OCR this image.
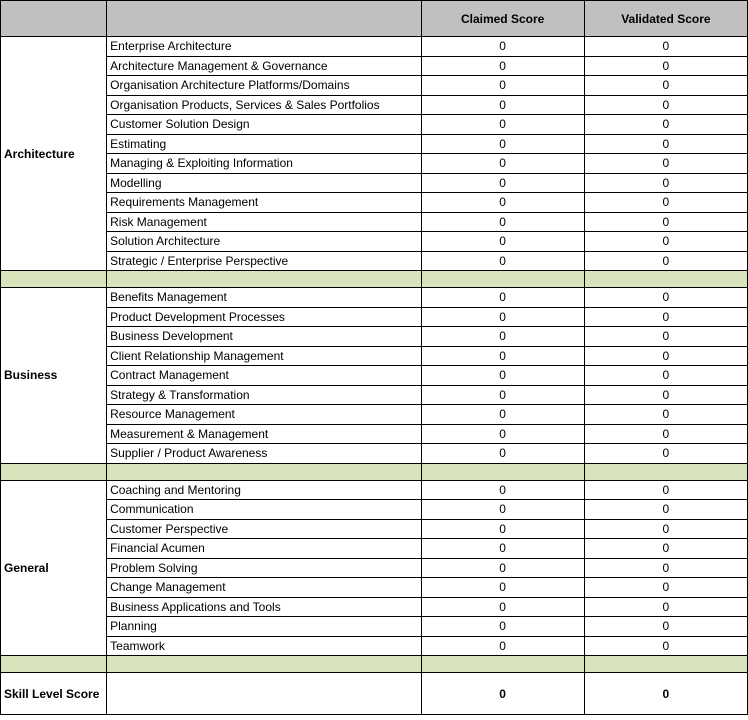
		Claimed Score	Validated Score
Architecture	Enterprise Architecture	0	0
	Architecture Management & Governance	0	0
	Organisation Architecture Platforms/Domains	0	0
	Organisation Products, Services & Sales Portfolios	0	0
	Customer Solution Design	0	0
	Estimating	0	0
	Managing & Exploiting Information	0	0
	Modelling	0	0
	Requirements Management	0	0
	Risk Management	0	0
	Solution Architecture	0	0
	Strategic / Enterprise Perspective	0	0

Business	Benefits Management	0	0
	Product Development Processes	0	0
	Business Development	0	0
	Client Relationship Management	0	0
	Contract Management	0	0
	Strategy & Transformation	0	0
	Resource Management	0	0
	Measurement & Management	0	0
	Supplier / Product Awareness	0	0

General	Coaching and Mentoring	0	0
	Communication	0	0
	Customer Perspective	0	0
	Financial Acumen	0	0
	Problem Solving	0	0
	Change Management	0	0
	Business Applications and Tools	0	0
	Planning	0	0
	Teamwork	0	0

Skill Level Score		0	0
